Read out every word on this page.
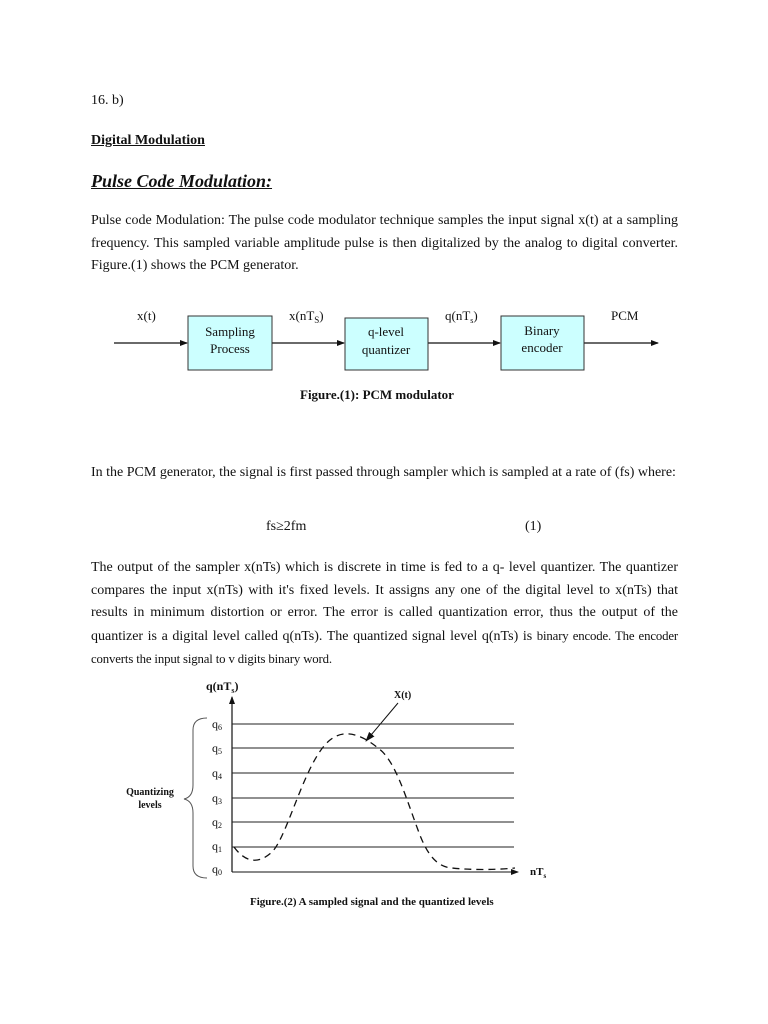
16. b)
Digital Modulation
Pulse Code Modulation:

Pulse code Modulation: The pulse code modulator technique samples the input signal x(t) at a sampling frequency. This sampled variable amplitude pulse is then digitalized by the analog to digital converter. Figure.(1) shows the PCM generator.

Sampling
Process
q-level
quantizer
Binary
encoder
x(t)	$x(nT_S)$	$q(nT_s)$	PCM
Figure.(1): PCM modulator

In the PCM generator, the signal is first passed through sampler which is sampled at a rate of (fs) where:

fs≥2fm	(1)

The output of the sampler x(nTs) which is discrete in time is fed to a q- level quantizer. The quantizer compares the input x(nTs) with it's fixed levels. It assigns any one of the digital level to x(nTs) that results in minimum distortion or error. The error is called quantization error, thus the output of the quantizer is a digital level called q(nTs). The quantized signal level q(nTs) is binary encode. The encoder converts the input signal to v digits binary word.

q6
q5
q4
q3
q2
q1
q0
Quantizing
levels
$q(nT_s)$
$nT_s$
X(t)
Figure.(2) A sampled signal and the quantized levels
